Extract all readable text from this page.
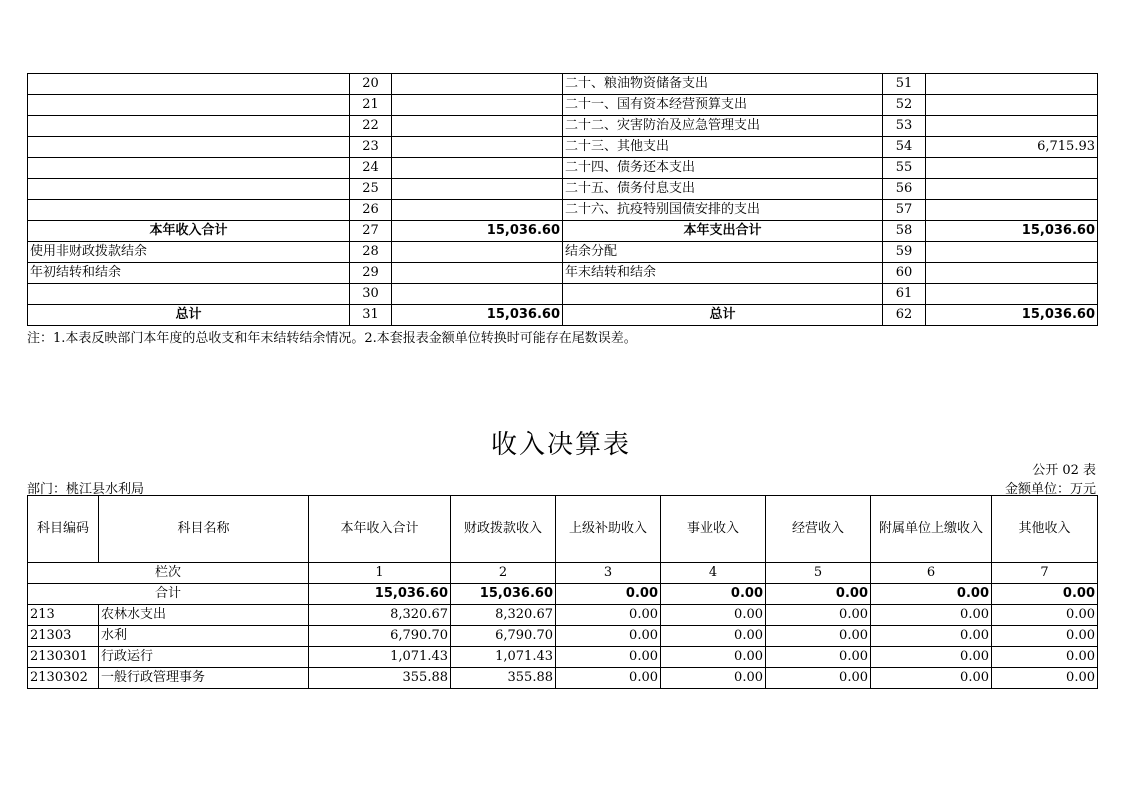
	20		二十、粮油物资储备支出	51	
	21		二十一、国有资本经营预算支出	52	
	22		二十二、灾害防治及应急管理支出	53	
	23		二十三、其他支出	54	6,715.93
	24		二十四、债务还本支出	55	
	25		二十五、债务付息支出	56	
	26		二十六、抗疫特别国债安排的支出	57	
本年收入合计	27	15,036.60	本年支出合计	58	15,036.60
使用非财政拨款结余	28		结余分配	59	
年初结转和结余	29		年末结转和结余	60	
	30			61	
总计	31	15,036.60	总计	62	15,036.60
注：1.本表反映部门本年度的总收支和年末结转结余情况。2.本套报表金额单位转换时可能存在尾数误差。
收入决算表
公开 02 表
部门：桃江县水利局	金额单位：万元
科目编码	科目名称	本年收入合计	财政拨款收入	上级补助收入	事业收入	经营收入	附属单位上缴收入	其他收入
栏次		1	2	3	4	5	6	7
合计		15,036.60	15,036.60	0.00	0.00	0.00	0.00	0.00
213	农林水支出	8,320.67	8,320.67	0.00	0.00	0.00	0.00	0.00
21303	水利	6,790.70	6,790.70	0.00	0.00	0.00	0.00	0.00
2130301	行政运行	1,071.43	1,071.43	0.00	0.00	0.00	0.00	0.00
2130302	一般行政管理事务	355.88	355.88	0.00	0.00	0.00	0.00	0.00
